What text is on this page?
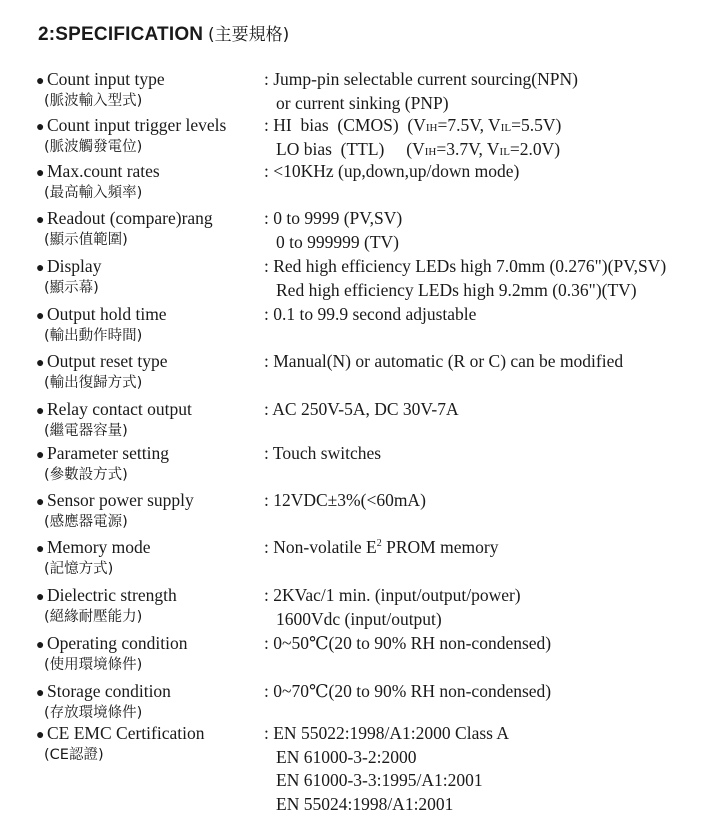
2:SPECIFICATION (主要規格)
● Count input type
(脈波輸入型式)
: Jump-pin selectable current sourcing(NPN)
or current sinking (PNP)
● Count input trigger levels
(脈波觸發電位)
: HI  bias  (CMOS)  (VIH=7.5V, VIL=5.5V)
LO bias  (TTL)     (VIH=3.7V, VIL=2.0V)
● Max.count rates
(最高輸入頻率)
: <10KHz (up,down,up/down mode)
● Readout (compare)rang
(顯示值範圍)
: 0 to 9999 (PV,SV)
0 to 999999 (TV)
● Display
(顯示幕)
: Red high efficiency LEDs high 7.0mm (0.276")(PV,SV)
Red high efficiency LEDs high 9.2mm (0.36")(TV)
● Output hold time
(輸出動作時間)
: 0.1 to 99.9 second adjustable
● Output reset type
(輸出復歸方式)
: Manual(N) or automatic (R or C) can be modified
● Relay contact output
(繼電器容量)
: AC 250V-5A, DC 30V-7A
● Parameter setting
(參數設方式)
: Touch switches
● Sensor power supply
(感應器電源)
: 12VDC±3%(<60mA)
● Memory mode
(記憶方式)
: Non-volatile $E^2$ PROM memory
● Dielectric strength
(絕緣耐壓能力)
: 2KVac/1 min. (input/output/power)
1600Vdc (input/output)
● Operating condition
(使用環境條件)
: 0~50℃(20 to 90% RH non-condensed)
● Storage condition
(存放環境條件)
: 0~70℃(20 to 90% RH non-condensed)
● CE EMC Certification
(CE認證)
: EN 55022:1998/A1:2000 Class A
EN 61000-3-2:2000
EN 61000-3-3:1995/A1:2001
EN 55024:1998/A1:2001
